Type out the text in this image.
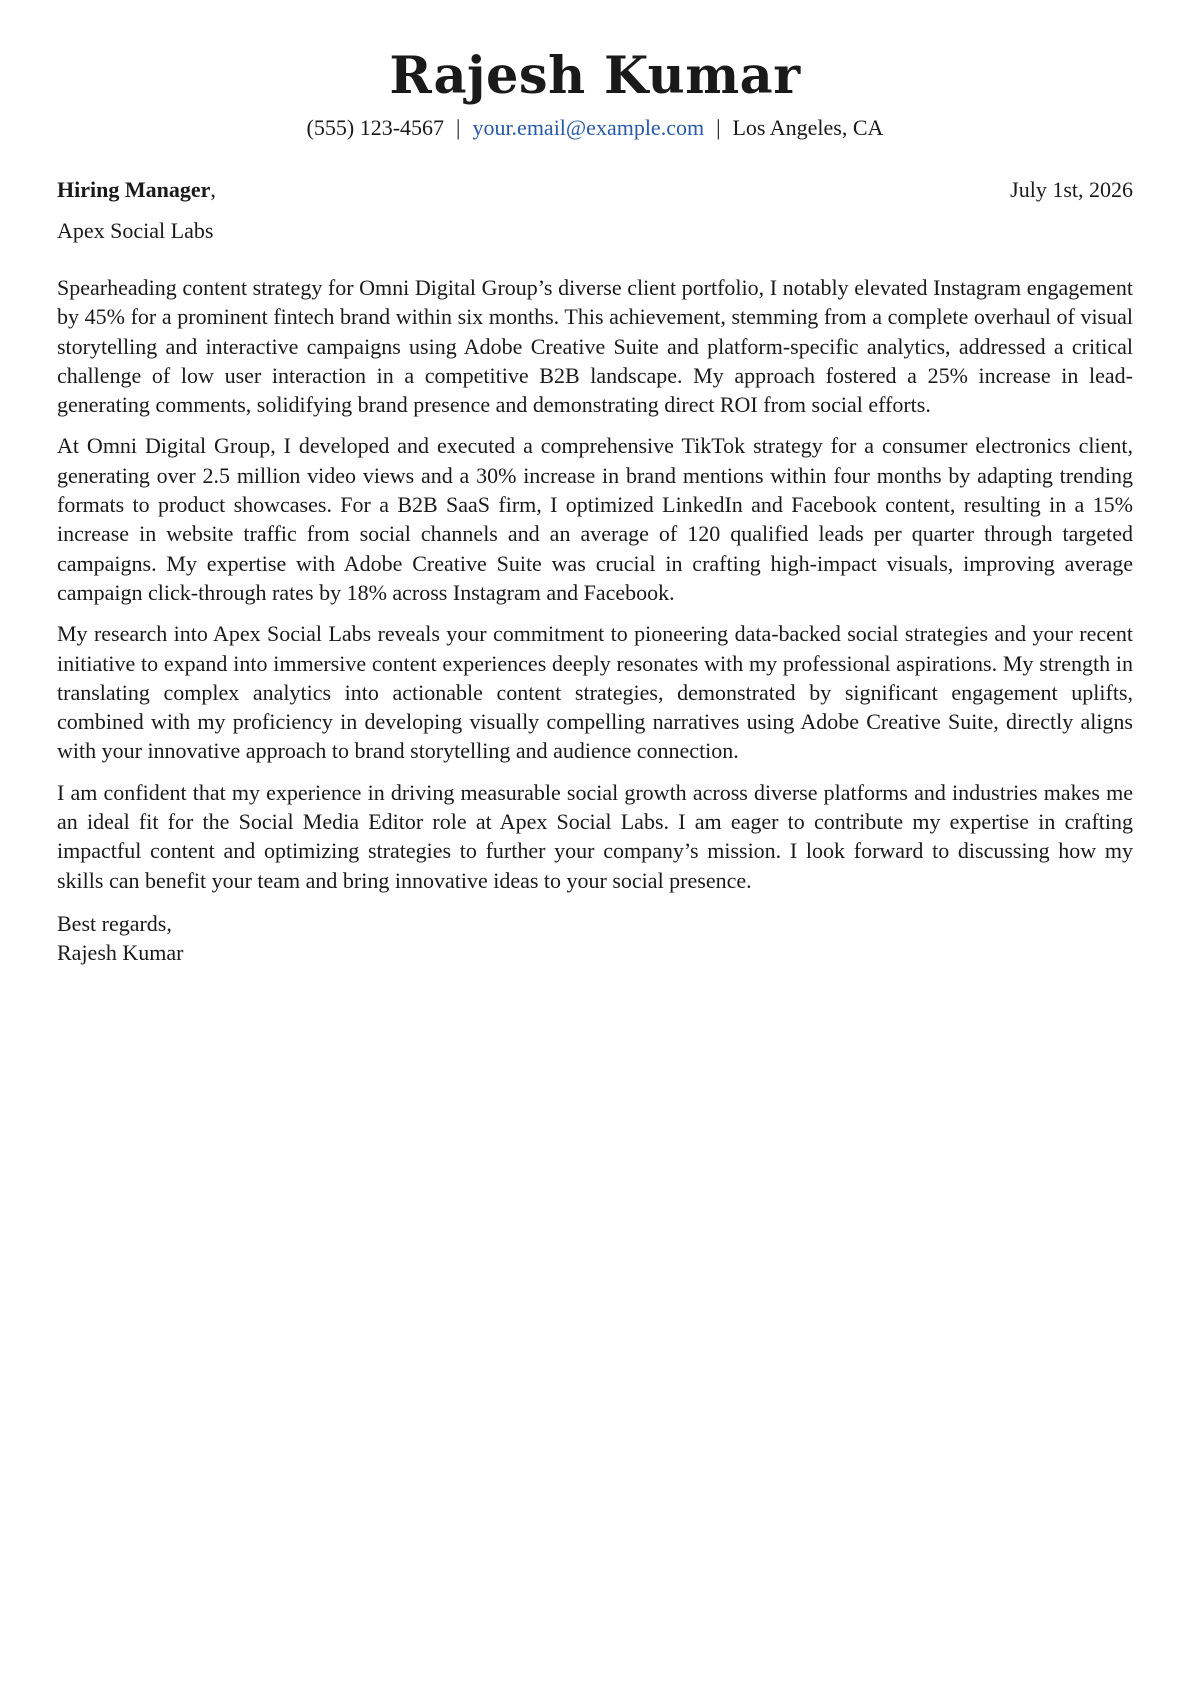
Rajesh Kumar
(555) 123-4567 | your.email@example.com | Los Angeles, CA
Hiring Manager,	July 1st, 2026
Apex Social Labs

Spearheading content strategy for Omni Digital Group’s diverse client portfolio, I notably elevated Instagram engagement by 45% for a prominent fintech brand within six months. This achievement, stemming from a complete overhaul of visual storytelling and interactive campaigns using Adobe Creative Suite and platform-specific analytics, addressed a critical challenge of low user interaction in a competitive B2B landscape. My approach fostered a 25% increase in lead-generating comments, solidifying brand presence and demonstrating direct ROI from social efforts.

At Omni Digital Group, I developed and executed a comprehensive TikTok strategy for a consumer electronics client, generating over 2.5 million video views and a 30% increase in brand mentions within four months by adapting trending formats to product showcases. For a B2B SaaS firm, I optimized LinkedIn and Facebook content, resulting in a 15% increase in website traffic from social channels and an average of 120 qualified leads per quarter through targeted campaigns. My expertise with Adobe Creative Suite was crucial in crafting high-impact visuals, improving average campaign click-through rates by 18% across Instagram and Facebook.

My research into Apex Social Labs reveals your commitment to pioneering data-backed social strategies and your recent initiative to expand into immersive content experiences deeply resonates with my professional aspirations. My strength in translating complex analytics into actionable content strategies, demonstrated by significant engagement uplifts, combined with my proficiency in developing visually compelling narratives using Adobe Creative Suite, directly aligns with your innovative approach to brand storytelling and audience connection.

I am confident that my experience in driving measurable social growth across diverse platforms and industries makes me an ideal fit for the Social Media Editor role at Apex Social Labs. I am eager to contribute my expertise in crafting impactful content and optimizing strategies to further your company’s mission. I look forward to discussing how my skills can benefit your team and bring innovative ideas to your social presence.

Best regards,
Rajesh Kumar
